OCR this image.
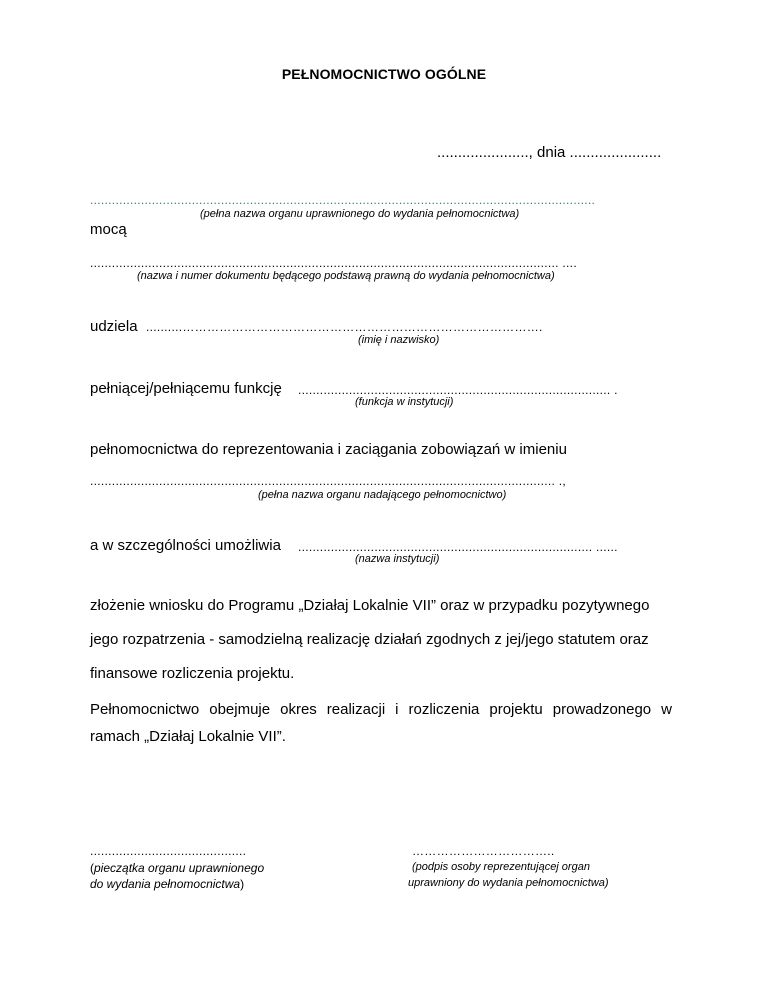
PEŁNOMOCNICTWO OGÓLNE
......................, dnia ......................
...........................................................................................................................................
(pełna nazwa organu uprawnionego do wydania pełnomocnictwa)
mocą
................................................................................................................................. ....
(nazwa i numer dokumentu będącego podstawą prawną do wydania pełnomocnictwa)
udziela ..........…………………………………………………………………………….
(imię i nazwisko)
pełniącej/pełniącemu funkcję ...................................................................................... .
(funkcja w instytucji)
pełnomocnictwa do reprezentowania i zaciągania zobowiązań w imieniu
................................................................................................................................ .,
(pełna nazwa organu nadającego pełnomocnictwo)
a w szczególności umożliwia ................................................................................. ......
(nazwa instytucji)
złożenie wniosku do Programu „Działaj Lokalnie VII” oraz w przypadku pozytywnego
jego rozpatrzenia - samodzielną realizację działań zgodnych z jej/jego statutem oraz
finansowe rozliczenia projektu.
Pełnomocnictwo obejmuje okres realizacji i rozliczenia projektu prowadzonego w ramach „Działaj Lokalnie VII”.
...........................................
(pieczątka organu uprawnionego
do wydania pełnomocnictwa)
……………………………..
(podpis osoby reprezentującej organ
uprawniony do wydania pełnomocnictwa)
